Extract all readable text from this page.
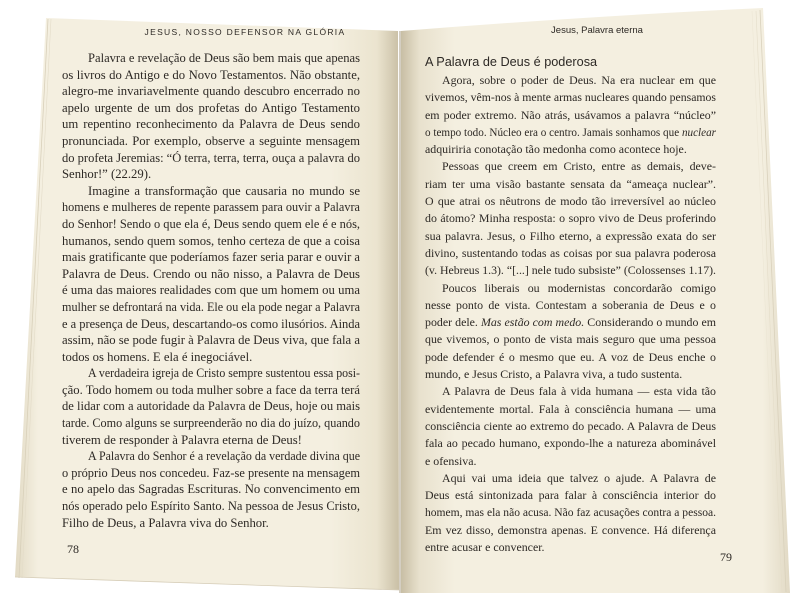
JESUS, NOSSO DEFENSOR NA GLÓRIA	Jesus, Palavra eterna
A Palavra de Deus é poderosa
Palavra e revelação de Deus são bem mais que apenas
os livros do Antigo e do Novo Testamentos. Não obstante,
alegro-me invariavelmente quando descubro encerrado no
apelo urgente de um dos profetas do Antigo Testamento
um repentino reconhecimento da Palavra de Deus sendo
pronunciada. Por exemplo, observe a seguinte mensagem
do profeta Jeremias: “Ó terra, terra, terra, ouça a palavra do
Senhor!” (22.29).
Imagine a transformação que causaria no mundo se
homens e mulheres de repente parassem para ouvir a Palavra
do Senhor! Sendo o que ela é, Deus sendo quem ele é e nós,
humanos, sendo quem somos, tenho certeza de que a coisa
mais gratificante que poderíamos fazer seria parar e ouvir a
Palavra de Deus. Crendo ou não nisso, a Palavra de Deus
é uma das maiores realidades com que um homem ou uma
mulher se defrontará na vida. Ele ou ela pode negar a Palavra
e a presença de Deus, descartando-os como ilusórios. Ainda
assim, não se pode fugir à Palavra de Deus viva, que fala a
todos os homens. E ela é inegociável.
A verdadeira igreja de Cristo sempre sustentou essa posi-
ção. Todo homem ou toda mulher sobre a face da terra terá
de lidar com a autoridade da Palavra de Deus, hoje ou mais
tarde. Como alguns se surpreenderão no dia do juízo, quando
tiverem de responder à Palavra eterna de Deus!
A Palavra do Senhor é a revelação da verdade divina que
o próprio Deus nos concedeu. Faz-se presente na mensagem
e no apelo das Sagradas Escrituras. No convencimento em
nós operado pelo Espírito Santo. Na pessoa de Jesus Cristo,
Filho de Deus, a Palavra viva do Senhor.
Agora, sobre o poder de Deus. Na era nuclear em que
vivemos, vêm-nos à mente armas nucleares quando pensamos
em poder extremo. Não atrás, usávamos a palavra “núcleo”
o tempo todo. Núcleo era o centro. Jamais sonhamos que nuclear
adquiriria conotação tão medonha como acontece hoje.
Pessoas que creem em Cristo, entre as demais, deve-
riam ter uma visão bastante sensata da “ameaça nuclear”.
O que atrai os nêutrons de modo tão irreversível ao núcleo
do átomo? Minha resposta: o sopro vivo de Deus proferindo
sua palavra. Jesus, o Filho eterno, a expressão exata do ser
divino, sustentando todas as coisas por sua palavra poderosa
(v. Hebreus 1.3). “[...] nele tudo subsiste” (Colossenses 1.17).
Poucos liberais ou modernistas concordarão comigo
nesse ponto de vista. Contestam a soberania de Deus e o
poder dele. Mas estão com medo. Considerando o mundo em
que vivemos, o ponto de vista mais seguro que uma pessoa
pode defender é o mesmo que eu. A voz de Deus enche o
mundo, e Jesus Cristo, a Palavra viva, a tudo sustenta.
A Palavra de Deus fala à vida humana — esta vida tão
evidentemente mortal. Fala à consciência humana — uma
consciência ciente ao extremo do pecado. A Palavra de Deus
fala ao pecado humano, expondo-lhe a natureza abominável
e ofensiva.
Aqui vai uma ideia que talvez o ajude. A Palavra de
Deus está sintonizada para falar à consciência interior do
homem, mas ela não acusa. Não faz acusações contra a pessoa.
Em vez disso, demonstra apenas. E convence. Há diferença
entre acusar e convencer.
78
79
